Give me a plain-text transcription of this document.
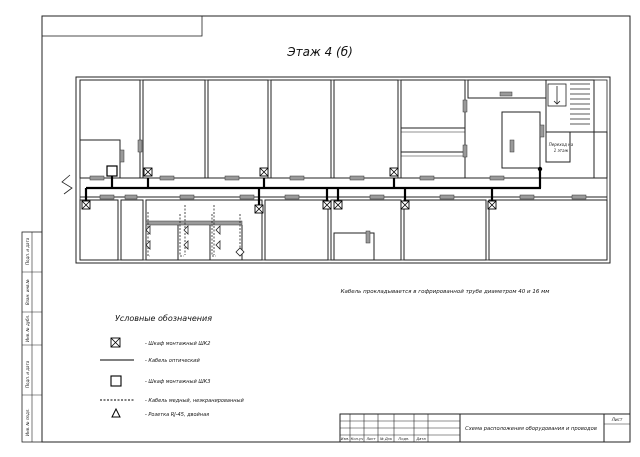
Подп. и дата
Взам. инв.№
Инв. № дубл.
Подп. и дата
Инв. № подл.
Этаж 4 (б)
Переход на
1 этаж
Кабель прокладывается в гофрированной трубе диаметром 40 и 16 мм
Условные обозначения
- Шкаф монтажный ШК2
- Кабель оптический
- Шкаф монтажный ШК3
- Кабель медный, неэкранированный
- Розетка RJ-45, двойная
Изм. Кол.уч Лист № Док Подп. Дата
Схема расположения оборудования и проводов
Лист
